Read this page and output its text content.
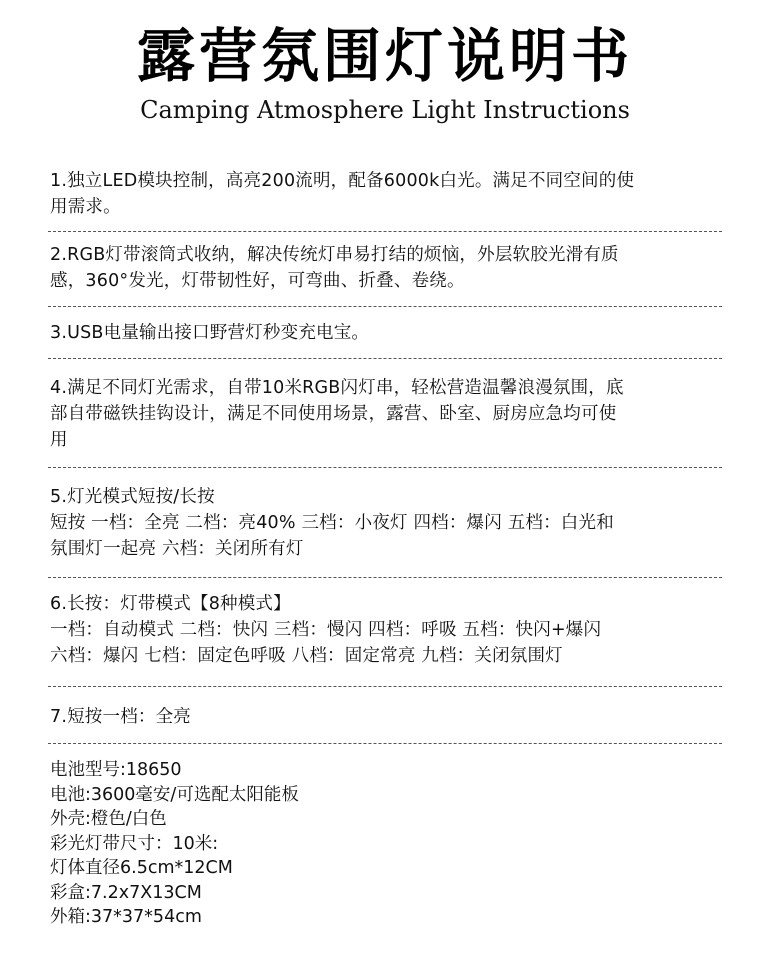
露营氛围灯说明书
Camping Atmosphere Light Instructions

1.独立LED模块控制，高亮200流明，配备6000k白光。满足不同空间的使

用需求。

2.RGB灯带滚筒式收纳，解决传统灯串易打结的烦恼，外层软胶光滑有质

感，360°发光，灯带韧性好，可弯曲、折叠、卷绕。

3.USB电量输出接口野营灯秒变充电宝。

4.满足不同灯光需求，自带10米RGB闪灯串，轻松营造温馨浪漫氛围，底

部自带磁铁挂钩设计，满足不同使用场景，露营、卧室、厨房应急均可使

用

5.灯光模式短按/长按

短按 一档：全亮 二档：亮40% 三档：小夜灯 四档：爆闪 五档：白光和

氛围灯一起亮 六档：关闭所有灯

6.长按：灯带模式【8种模式】

一档：自动模式 二档：快闪 三档：慢闪 四档：呼吸 五档：快闪+爆闪

六档：爆闪 七档：固定色呼吸 八档：固定常亮 九档：关闭氛围灯

7.短按一档：全亮

电池型号:18650

电池:3600毫安/可选配太阳能板

外壳:橙色/白色

彩光灯带尺寸：10米:

灯体直径6.5cm*12CM

彩盒:7.2x7X13CM

外箱:37*37*54cm
